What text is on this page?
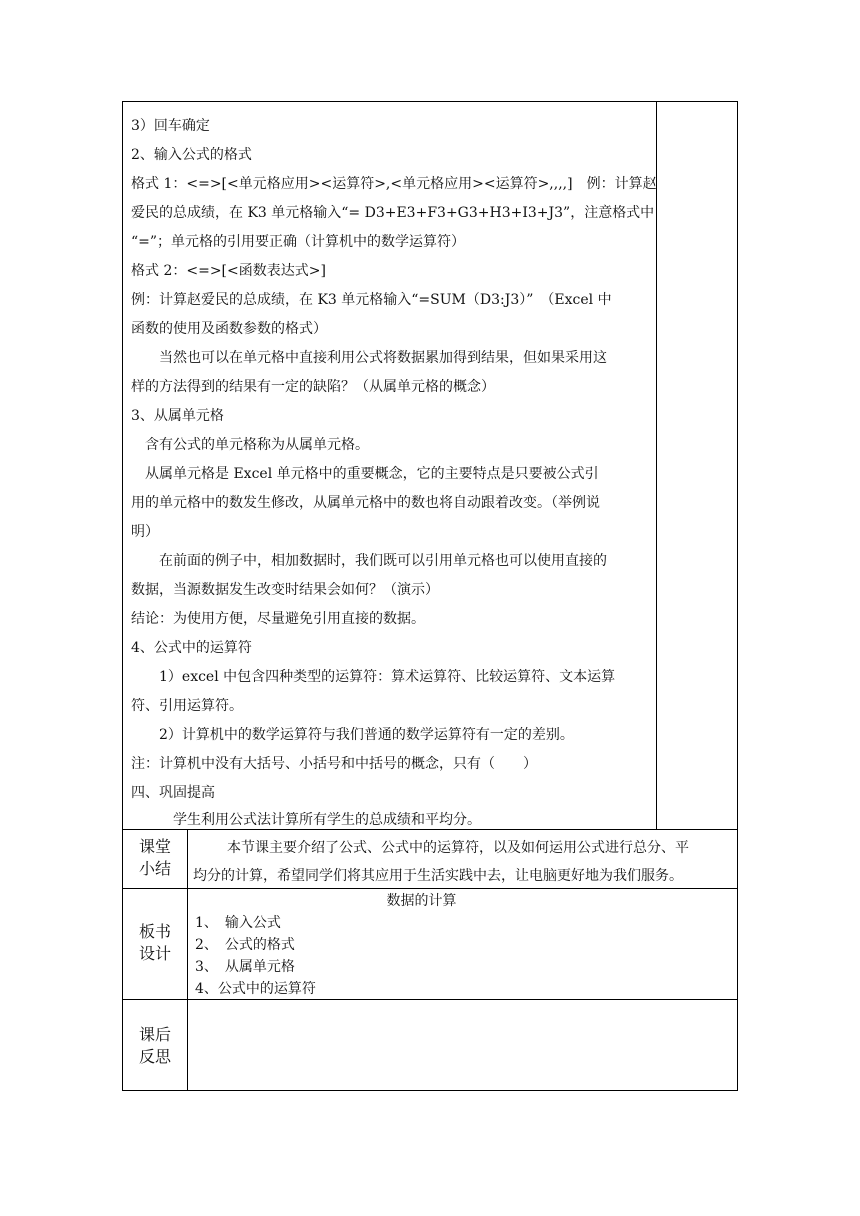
3）回车确定
2、输入公式的格式
格式 1：<=>[<单元格应用><运算符>,<单元格应用><运算符>,,,,]　例：计算赵
爱民的总成绩，在 K3 单元格输入“= D3+E3+F3+G3+H3+I3+J3”，注意格式中
“=”；单元格的引用要正确（计算机中的数学运算符）
格式 2：<=>[<函数表达式>]
例：计算赵爱民的总成绩，在 K3 单元格输入“=SUM（D3:J3）”　（Excel 中
函数的使用及函数参数的格式）
当然也可以在单元格中直接利用公式将数据累加得到结果，但如果采用这
样的方法得到的结果有一定的缺陷？（从属单元格的概念）
3、从属单元格
含有公式的单元格称为从属单元格。
从属单元格是 Excel 单元格中的重要概念，它的主要特点是只要被公式引
用的单元格中的数发生修改，从属单元格中的数也将自动跟着改变。（举例说
明）
在前面的例子中，相加数据时，我们既可以引用单元格也可以使用直接的
数据，当源数据发生改变时结果会如何？（演示）
结论：为使用方便，尽量避免引用直接的数据。
4、公式中的运算符
1）excel 中包含四种类型的运算符：算术运算符、比较运算符、文本运算
符、引用运算符。
2）计算机中的数学运算符与我们普通的数学运算符有一定的差别。
注：计算机中没有大括号、小括号和中括号的概念，只有（　　）
四、巩固提高
学生利用公式法计算所有学生的总成绩和平均分。
课堂
小结
本节课主要介绍了公式、公式中的运算符，以及如何运用公式进行总分、平
均分的计算，希望同学们将其应用于生活实践中去，让电脑更好地为我们服务。
板书
设计
数据的计算
1、　输入公式
2、　公式的格式
3、　从属单元格
4、公式中的运算符
课后
反思
